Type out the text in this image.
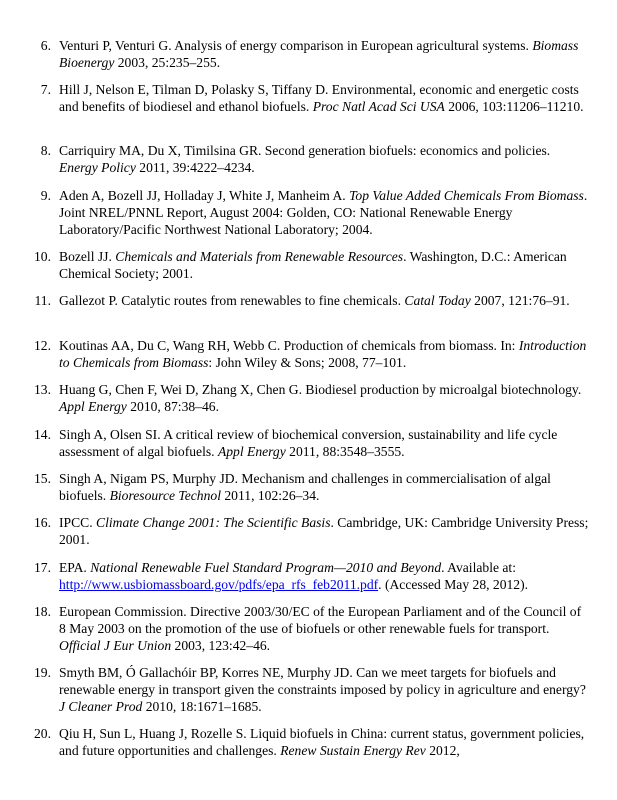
6. Venturi P, Venturi G. Analysis of energy comparison in European agricultural systems. Biomass Bioenergy 2003, 25:235–255.
7. Hill J, Nelson E, Tilman D, Polasky S, Tiffany D. Environmental, economic and energetic costs and benefits of biodiesel and ethanol biofuels. Proc Natl Acad Sci USA 2006, 103:11206–11210.
8. Carriquiry MA, Du X, Timilsina GR. Second generation biofuels: economics and policies. Energy Policy 2011, 39:4222–4234.
9. Aden A, Bozell JJ, Holladay J, White J, Manheim A. Top Value Added Chemicals From Biomass. Joint NREL/PNNL Report, August 2004: Golden, CO: National Renewable Energy Laboratory/Pacific Northwest National Laboratory; 2004.
10. Bozell JJ. Chemicals and Materials from Renewable Resources. Washington, D.C.: American Chemical Society; 2001.
11. Gallezot P. Catalytic routes from renewables to fine chemicals. Catal Today 2007, 121:76–91.
12. Koutinas AA, Du C, Wang RH, Webb C. Production of chemicals from biomass. In: Introduction to Chemicals from Biomass: John Wiley & Sons; 2008, 77–101.
13. Huang G, Chen F, Wei D, Zhang X, Chen G. Biodiesel production by microalgal biotechnology. Appl Energy 2010, 87:38–46.
14. Singh A, Olsen SI. A critical review of biochemical conversion, sustainability and life cycle assessment of algal biofuels. Appl Energy 2011, 88:3548–3555.
15. Singh A, Nigam PS, Murphy JD. Mechanism and challenges in commercialisation of algal biofuels. Bioresource Technol 2011, 102:26–34.
16. IPCC. Climate Change 2001: The Scientific Basis. Cambridge, UK: Cambridge University Press; 2001.
17. EPA. National Renewable Fuel Standard Program—2010 and Beyond. Available at: http://www.usbiomassboard.gov/pdfs/epa_rfs_feb2011.pdf. (Accessed May 28, 2012).
18. European Commission. Directive 2003/30/EC of the European Parliament and of the Council of 8 May 2003 on the promotion of the use of biofuels or other renewable fuels for transport. Official J Eur Union 2003, 123:42–46.
19. Smyth BM, Ó Gallachóir BP, Korres NE, Murphy JD. Can we meet targets for biofuels and renewable energy in transport given the constraints imposed by policy in agriculture and energy? J Cleaner Prod 2010, 18:1671–1685.
20. Qiu H, Sun L, Huang J, Rozelle S. Liquid biofuels in China: current status, government policies, and future opportunities and challenges. Renew Sustain Energy Rev 2012,
